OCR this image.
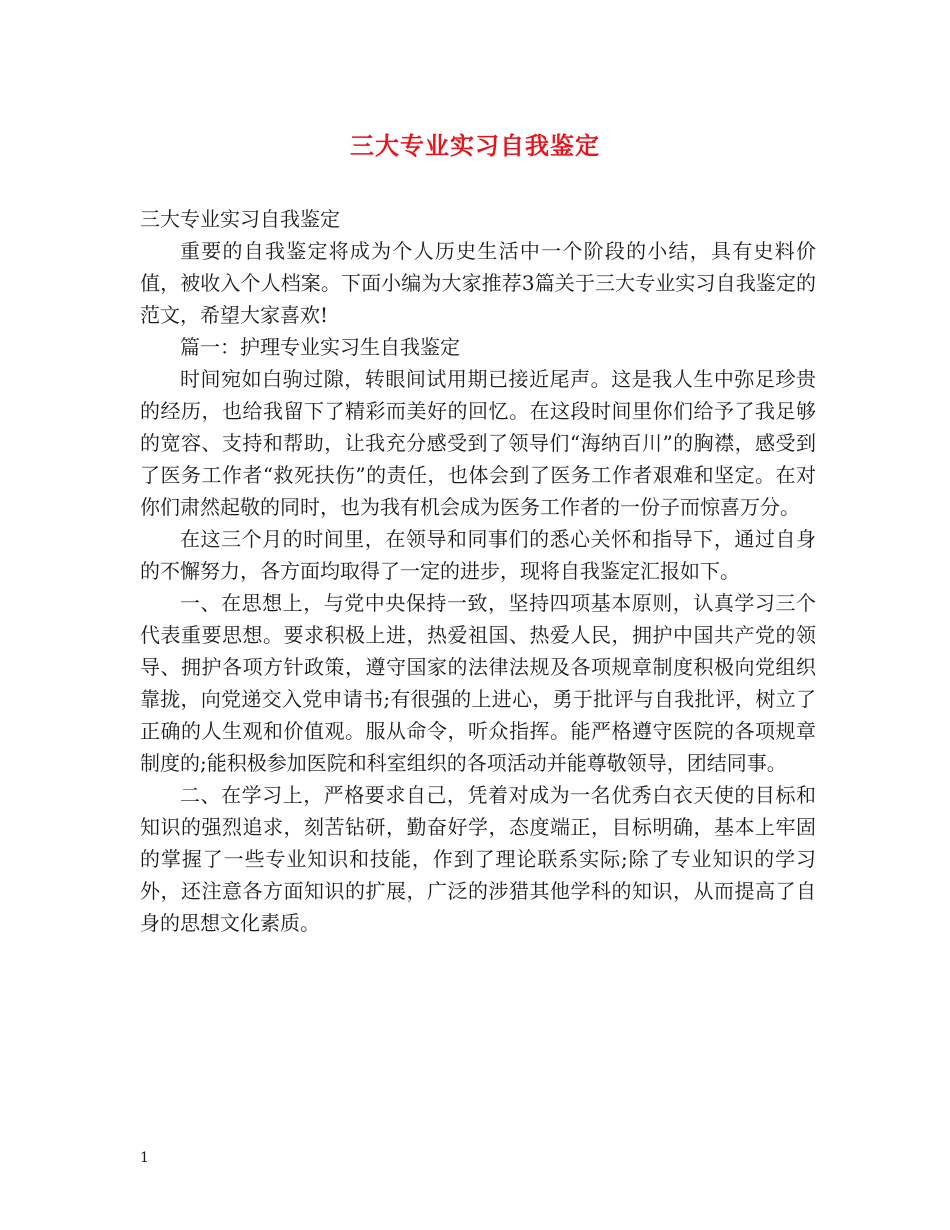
三大专业实习自我鉴定

三大专业实习自我鉴定

重要的自我鉴定将成为个人历史生活中一个阶段的小结，具有史料价值，被收入个人档案。下面小编为大家推荐3篇关于三大专业实习自我鉴定的范文，希望大家喜欢!

篇一：护理专业实习生自我鉴定

时间宛如白驹过隙，转眼间试用期已接近尾声。这是我人生中弥足珍贵的经历，也给我留下了精彩而美好的回忆。在这段时间里你们给予了我足够的宽容、支持和帮助，让我充分感受到了领导们“海纳百川”的胸襟，感受到了医务工作者“救死扶伤”的责任，也体会到了医务工作者艰难和坚定。在对你们肃然起敬的同时，也为我有机会成为医务工作者的一份子而惊喜万分。

在这三个月的时间里，在领导和同事们的悉心关怀和指导下，通过自身的不懈努力，各方面均取得了一定的进步，现将自我鉴定汇报如下。

一、在思想上，与党中央保持一致，坚持四项基本原则，认真学习三个代表重要思想。要求积极上进，热爱祖国、热爱人民，拥护中国共产党的领导、拥护各项方针政策，遵守国家的法律法规及各项规章制度积极向党组织靠拢，向党递交入党申请书;有很强的上进心，勇于批评与自我批评，树立了正确的人生观和价值观。服从命令，听众指挥。能严格遵守医院的各项规章制度的;能积极参加医院和科室组织的各项活动并能尊敬领导，团结同事。

二、在学习上，严格要求自己，凭着对成为一名优秀白衣天使的目标和知识的强烈追求，刻苦钻研，勤奋好学，态度端正，目标明确，基本上牢固的掌握了一些专业知识和技能，作到了理论联系实际;除了专业知识的学习外，还注意各方面知识的扩展，广泛的涉猎其他学科的知识，从而提高了自身的思想文化素质。

1
